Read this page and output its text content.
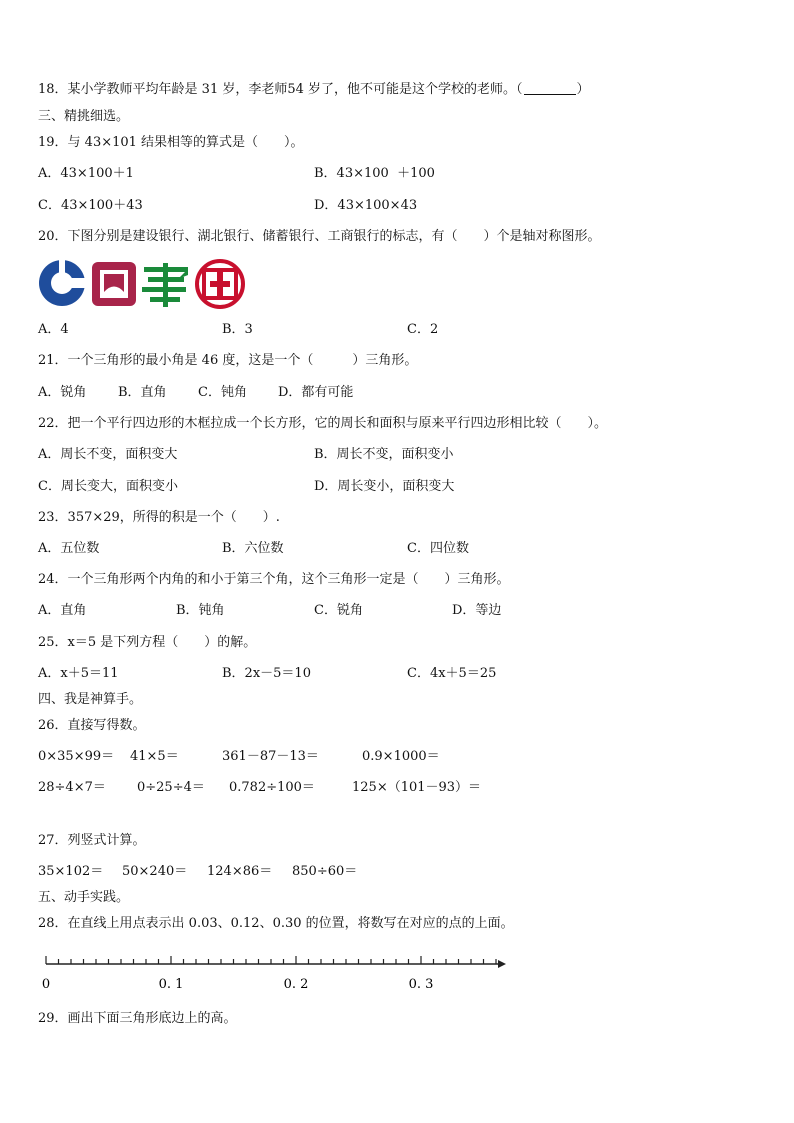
18．某小学教师平均年龄是 31 岁，李老师54 岁了，他不可能是这个学校的老师。（	）
三、精挑细选。
19．与 43×101 结果相等的算式是（　　）。
A．43×100＋1	B．43×100  ＋100
C．43×100＋43	D．43×100×43
20．下图分别是建设银行、湖北银行、储蓄银行、工商银行的标志，有（　　）个是轴对称图形。
A．4	B．3	C．2
21．一个三角形的最小角是 46 度，这是一个（　　　）三角形。
A．锐角 B．直角 C．钝角 D．都有可能
22．把一个平行四边形的木框拉成一个长方形，它的周长和面积与原来平行四边形相比较（　　）。
A．周长不变，面积变大	B．周长不变，面积变小
C．周长变大，面积变小	D．周长变小，面积变大
23．357×29，所得的积是一个（　　）.
A．五位数	B．六位数	C．四位数
24．一个三角形两个内角的和小于第三个角，这个三角形一定是（　　）三角形。
A．直角	B．钝角	C．锐角	D．等边
25．x＝5 是下列方程（　　）的解。
A．x＋5＝11	B．2x－5＝10	C．4x＋5＝25
四、我是神算手。
26．直接写得数。
0×35×99＝ 41×5＝	361－87－13＝	0.9×1000＝
28÷4×7＝ 0÷25÷4＝ 0.782÷100＝	125×（101－93）＝
27．列竖式计算。
35×102＝ 50×240＝ 124×86＝ 850÷60＝
五、动手实践。
28．在直线上用点表示出 0.03、0.12、0.30 的位置，将数写在对应的点的上面。
0	0. 1	0. 2	0. 3
29．画出下面三角形底边上的高。
